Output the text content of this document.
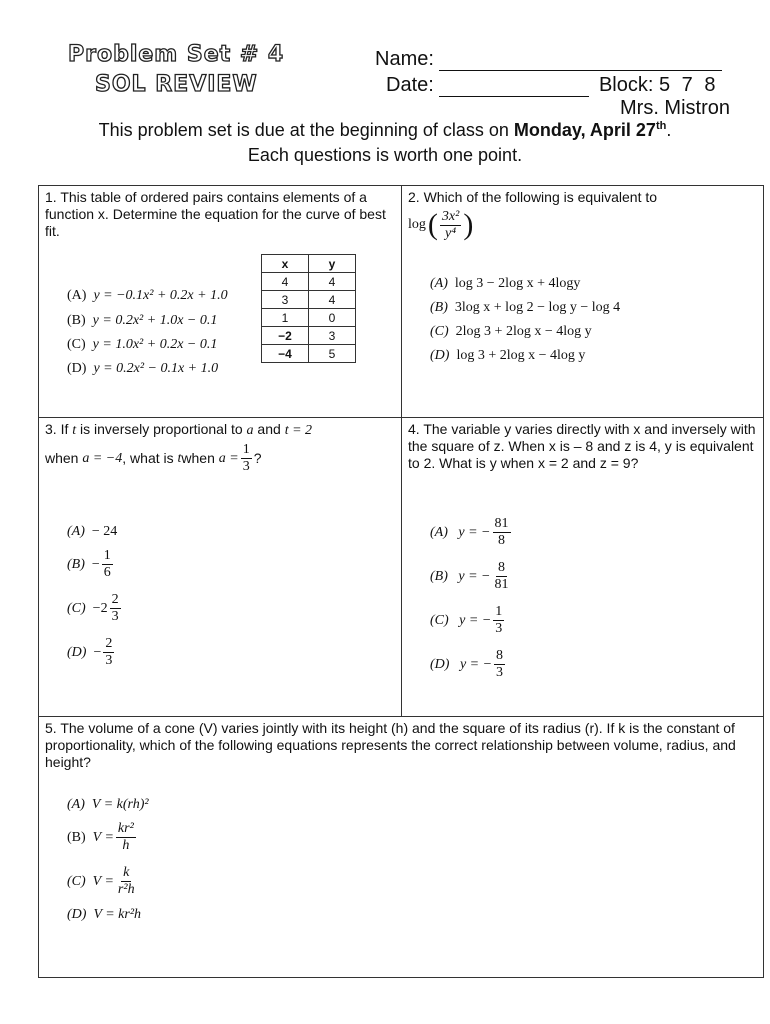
Problem Set # 4
SOL REVIEW
Name:
Date:	Block: 5 7 8
Mrs. Mistron
This problem set is due at the beginning of class on Monday, April 27th.
Each questions is worth one point.
1. This table of ordered pairs contains elements of a function x. Determine the equation for the curve of best fit.
x	y
4	4
3	4
1	0
−2	3
−4	5
(A) y = −0.1x² + 0.2x + 1.0
(B) y = 0.2x² + 1.0x − 0.1
(C) y = 1.0x² + 0.2x − 0.1
(D) y = 0.2x² − 0.1x + 1.0
2. Which of the following is equivalent to
log ( $\frac{\text{3x²}}{\text{y⁴}}$ )
(A) log 3 − 2log x + 4logy
(B) 3log x + log 2 − log y − log 4
(C) 2log 3 + 2log x − 4log y
(D) log 3 + 2log x − 4log y
3. If t is inversely proportional to a and t = 2
when
a = −4 , what is
t when
$a = \frac{1}{3}$ ?
(A) − 24
(B)
− $\frac{1}{6}$
(C)
$-2 \frac{2}{3}$
(D)
− $\frac{2}{3}$
4. The variable y varies directly with x and inversely with the square of z. When x is – 8 and z is 4, y is equivalent to 2. What is y when x = 2 and z = 9?
(A)
y = − $\frac{81}{8}$
(B)
y = − $\frac{8}{81}$
(C)
y = − $\frac{1}{3}$
(D)
y = − $\frac{8}{3}$
5. The volume of a cone (V) varies jointly with its height (h) and the square of its radius (r). If k is the constant of proportionality, which of the following equations represents the correct relationship between volume, radius, and height?
(A) V = k(rh)²
(B)
$V = \frac{\text{kr²}}{h}$
(C)
$V = \frac{k}{\text{r²h}}$
(D) V = kr²h
